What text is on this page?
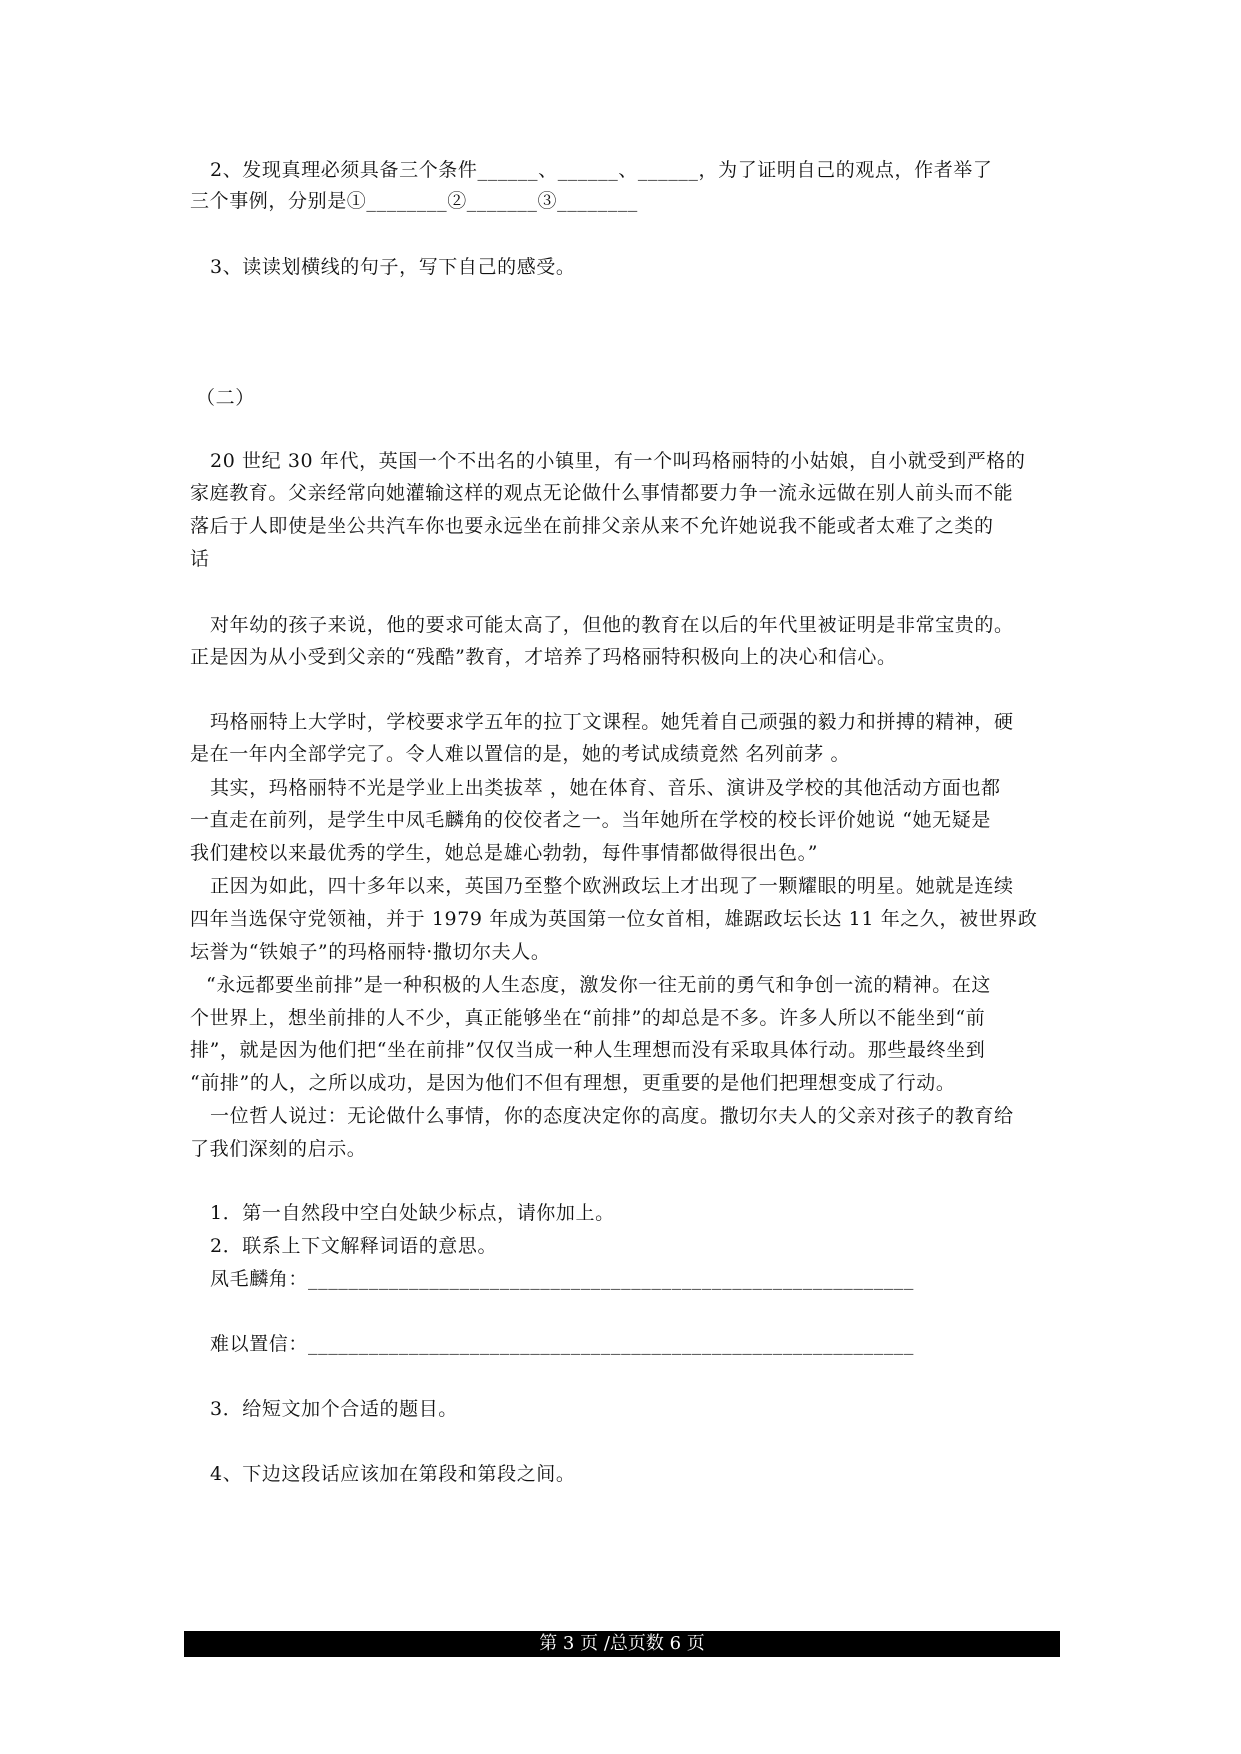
2、发现真理必须具备三个条件______、______、______，为了证明自己的观点，作者举了
三个事例，分别是①________②_______③________
3、读读划横线的句子，写下自己的感受。
（二）
20 世纪 30 年代，英国一个不出名的小镇里，有一个叫玛格丽特的小姑娘，自小就受到严格的
家庭教育。父亲经常向她灌输这样的观点无论做什么事情都要力争一流永远做在别人前头而不能
落后于人即使是坐公共汽车你也要永远坐在前排父亲从来不允许她说我不能或者太难了之类的
话
对年幼的孩子来说，他的要求可能太高了，但他的教育在以后的年代里被证明是非常宝贵的。
正是因为从小受到父亲的“残酷”教育，才培养了玛格丽特积极向上的决心和信心。
玛格丽特上大学时，学校要求学五年的拉丁文课程。她凭着自己顽强的毅力和拼搏的精神，硬
是在一年内全部学完了。令人难以置信的是，她的考试成绩竟然 名列前茅 。
其实，玛格丽特不光是学业上出类拔萃 ，她在体育、音乐、演讲及学校的其他活动方面也都
一直走在前列，是学生中凤毛麟角的佼佼者之一。当年她所在学校的校长评价她说 “她无疑是
我们建校以来最优秀的学生，她总是雄心勃勃，每件事情都做得很出色。”
正因为如此，四十多年以来，英国乃至整个欧洲政坛上才出现了一颗耀眼的明星。她就是连续
四年当选保守党领袖，并于 1979 年成为英国第一位女首相，雄踞政坛长达 11 年之久，被世界政
坛誉为“铁娘子”的玛格丽特·撒切尔夫人。
“永远都要坐前排”是一种积极的人生态度，激发你一往无前的勇气和争创一流的精神。在这
个世界上，想坐前排的人不少，真正能够坐在“前排”的却总是不多。许多人所以不能坐到“前
排”，就是因为他们把“坐在前排”仅仅当成一种人生理想而没有采取具体行动。那些最终坐到
“前排”的人，之所以成功，是因为他们不但有理想，更重要的是他们把理想变成了行动。
一位哲人说过：无论做什么事情，你的态度决定你的高度。撒切尔夫人的父亲对孩子的教育给
了我们深刻的启示。
1．第一自然段中空白处缺少标点，请你加上。
2．联系上下文解释词语的意思。
凤毛麟角：____________________________________________________________
难以置信：____________________________________________________________
3．给短文加个合适的题目。
4、下边这段话应该加在第段和第段之间。
第 3 页 /总页数 6 页
